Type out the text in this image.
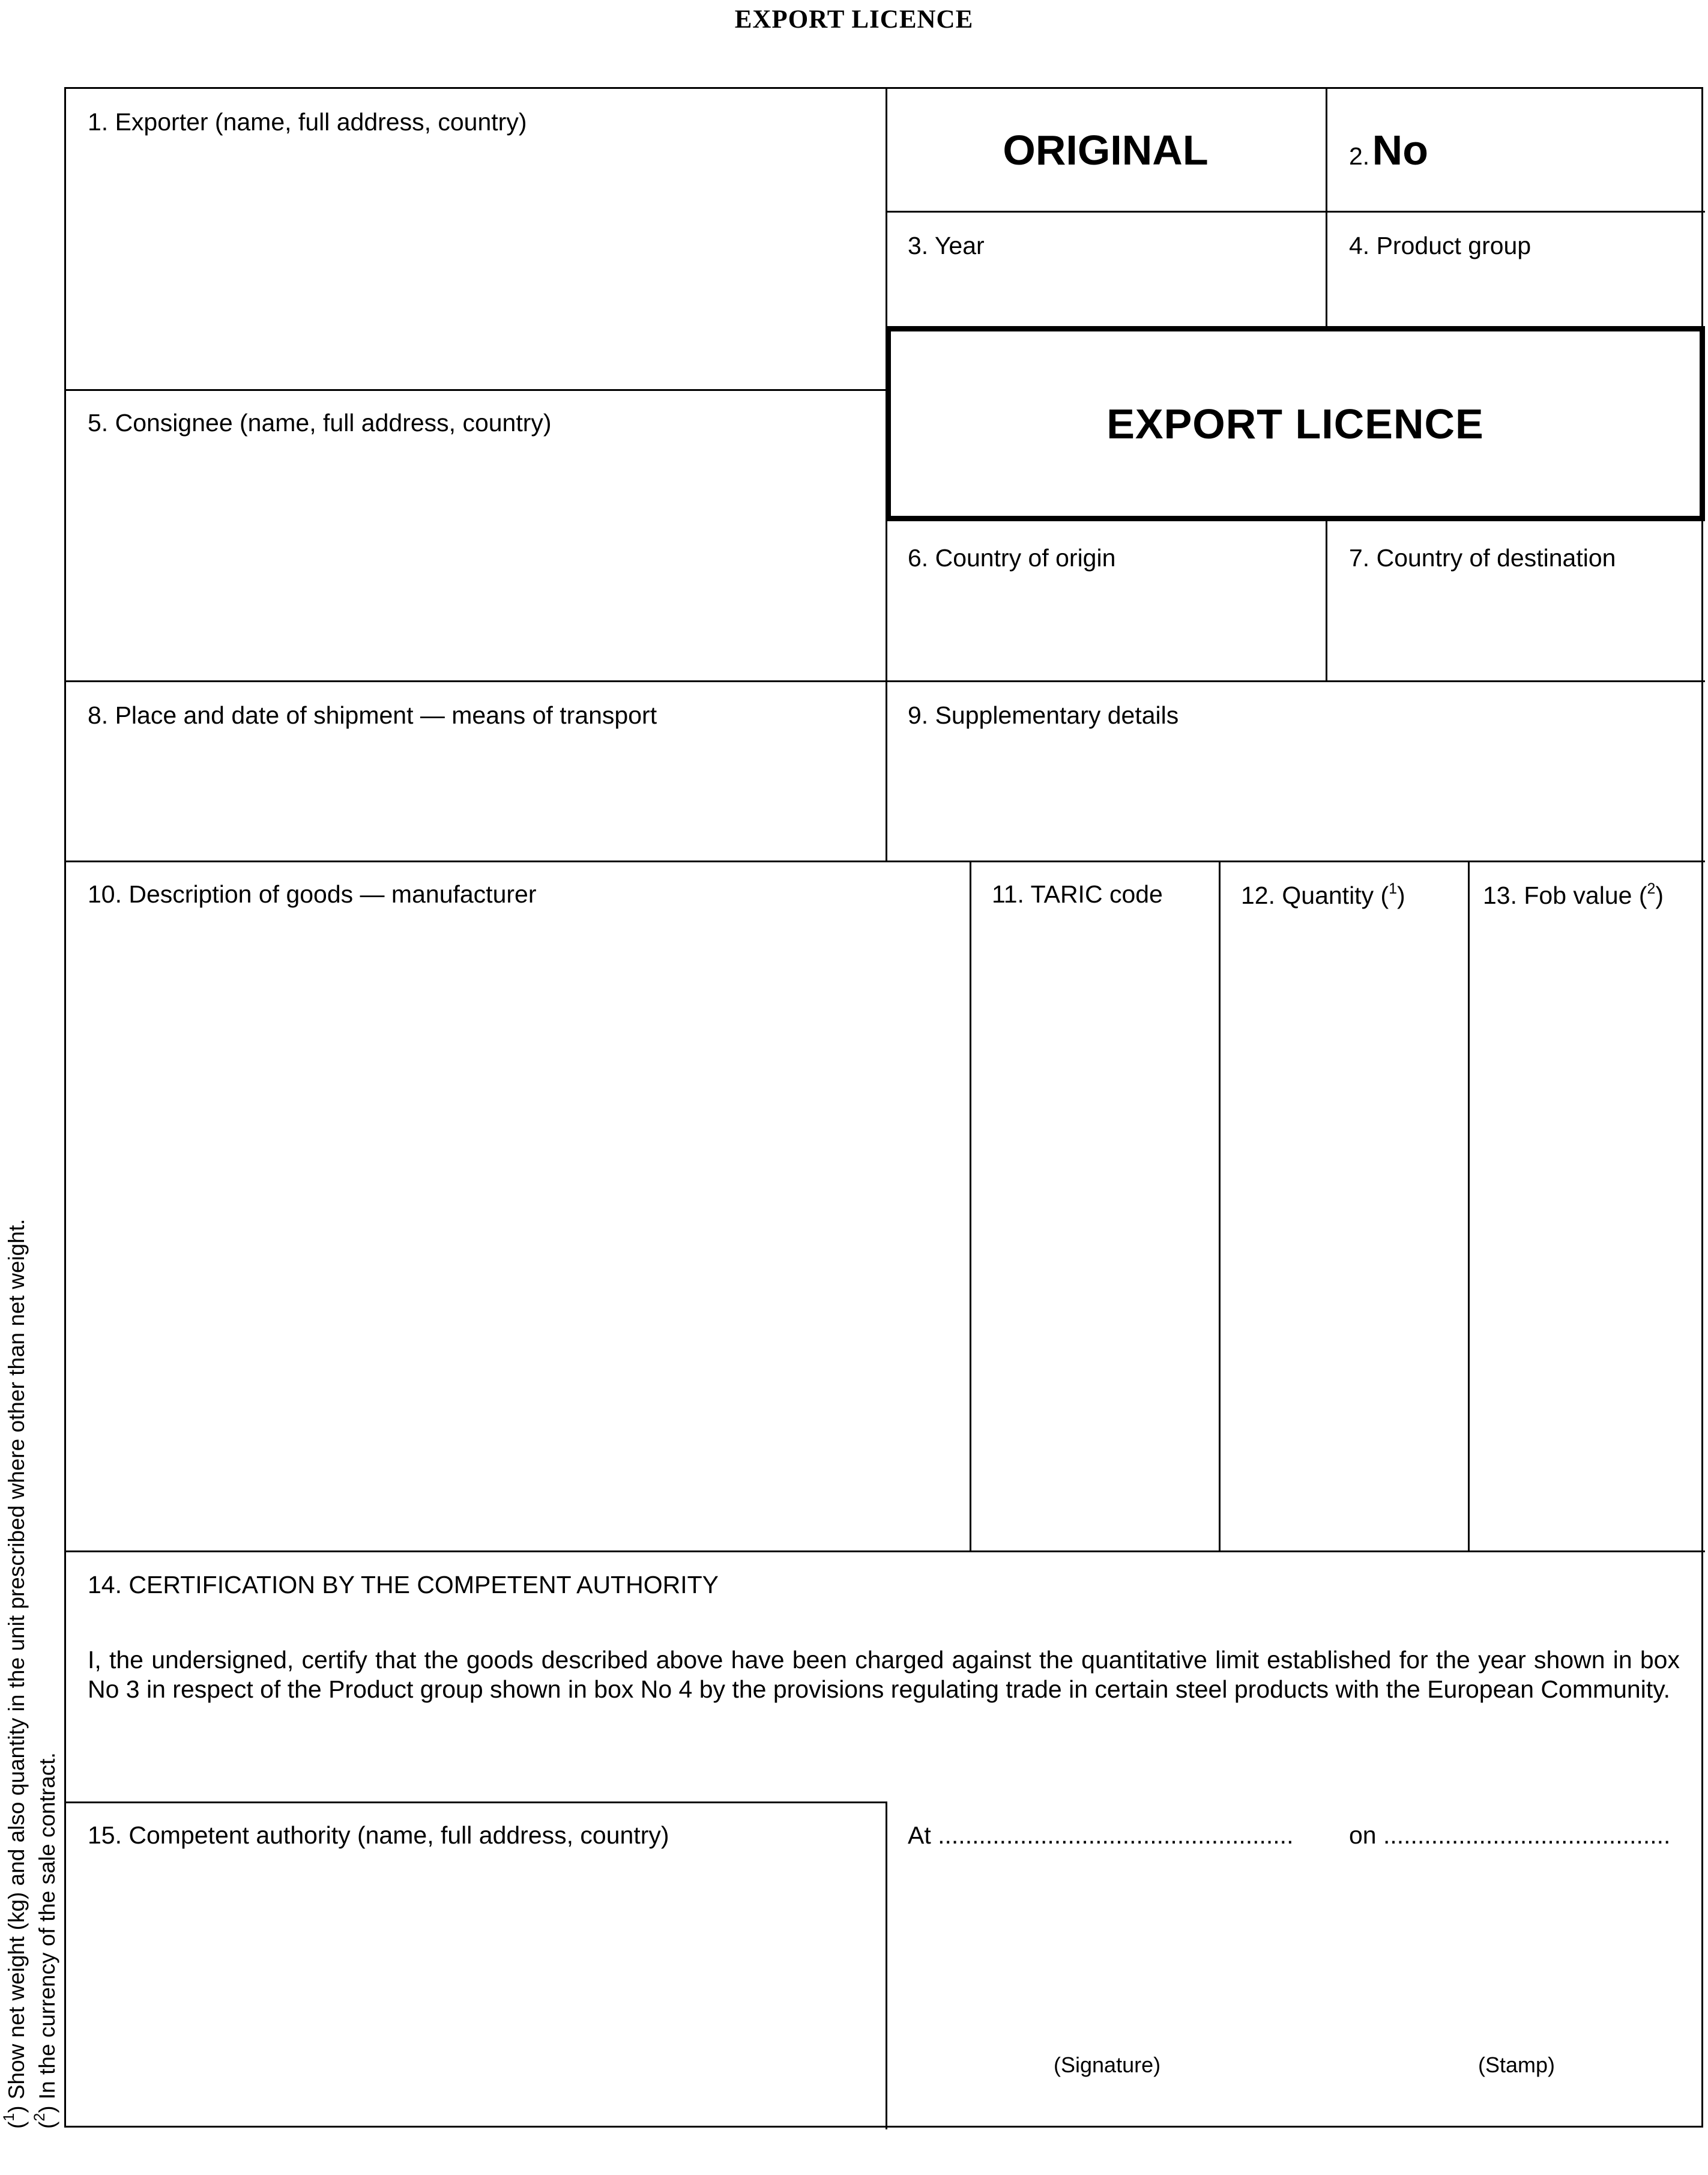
EXPORT LICENCE
($^1$) Show net weight (kg) and also quantity in the unit prescribed where other than net weight.
($^2$) In the currency of the sale contract.
1. Exporter (name, full address, country)
ORIGINAL	2. No
3. Year	4. Product group
5. Consignee (name, full address, country)	EXPORT LICENCE
6. Country of origin	7. Country of destination
8. Place and date of shipment — means of transport	9. Supplementary details
10. Description of goods — manufacturer	11. TARIC code	12. Quantity ($^1$)	13. Fob value ($^2$)
14. CERTIFICATION BY THE COMPETENT AUTHORITY
I, the undersigned, certify that the goods described above have been charged against the quantitative limit established for the year shown in box No 3 in respect of the Product group shown in box No 4 by the provisions regulating trade in certain steel products with the European Community.
15. Competent authority (name, full address, country)	At .................................................... on ..........................................
(Signature)	(Stamp)
